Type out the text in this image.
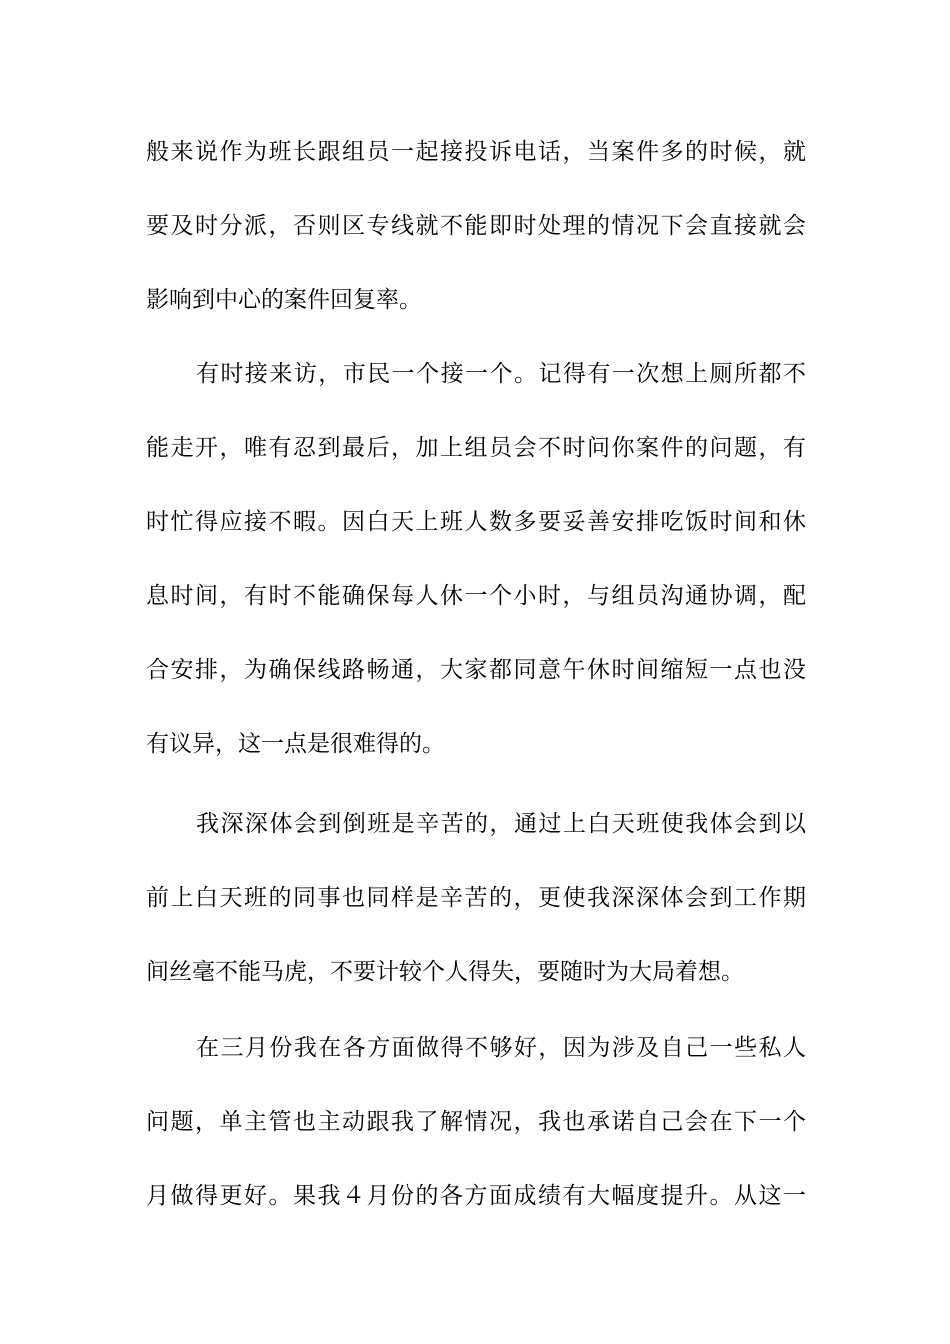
般来说作为班长跟组员一起接投诉电话，当案件多的时候，就
要及时分派，否则区专线就不能即时处理的情况下会直接就会
影响到中心的案件回复率。
有时接来访，市民一个接一个。记得有一次想上厕所都不
能走开，唯有忍到最后，加上组员会不时问你案件的问题，有
时忙得应接不暇。因白天上班人数多要妥善安排吃饭时间和休
息时间，有时不能确保每人休一个小时，与组员沟通协调，配
合安排，为确保线路畅通，大家都同意午休时间缩短一点也没
有议异，这一点是很难得的。
我深深体会到倒班是辛苦的，通过上白天班使我体会到以
前上白天班的同事也同样是辛苦的，更使我深深体会到工作期
间丝毫不能马虎，不要计较个人得失，要随时为大局着想。
在三月份我在各方面做得不够好，因为涉及自己一些私人
问题，单主管也主动跟我了解情况，我也承诺自己会在下一个
月做得更好。果我４月份的各方面成绩有大幅度提升。从这一
